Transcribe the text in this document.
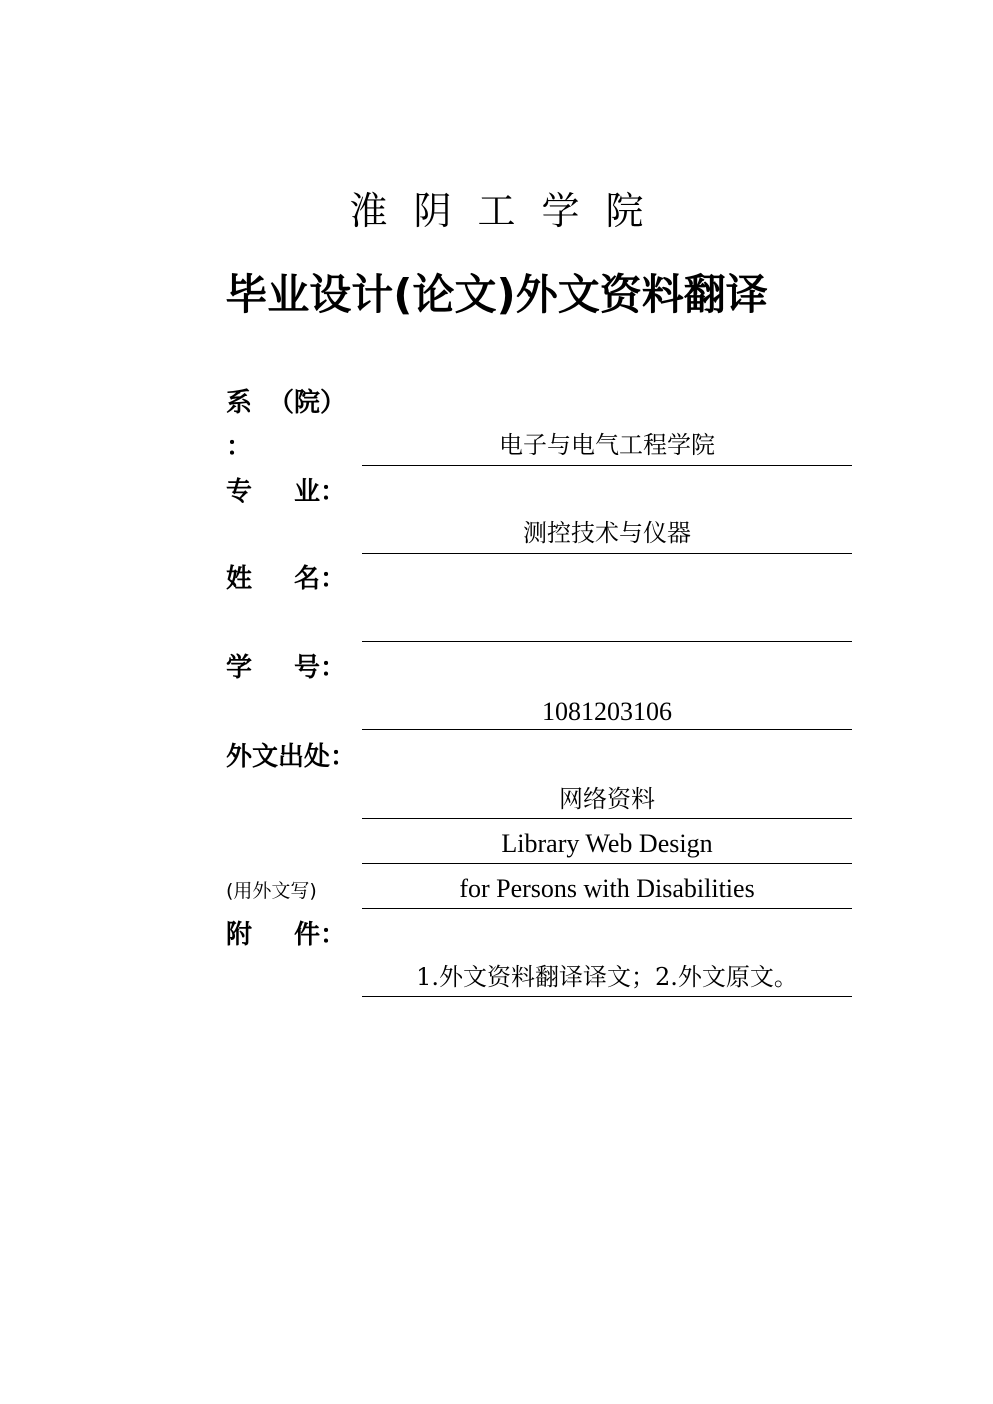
淮阴工学院
毕业设计(论文)外文资料翻译
系 （院）
：	电子与电气工程学院
专 业：
测控技术与仪器
姓 名：
学 号：
1081203106
外文出处：
网络资料
Library Web Design
(用外文写)	for Persons with Disabilities
附 件：
1.外文资料翻译译文；2.外文原文。
